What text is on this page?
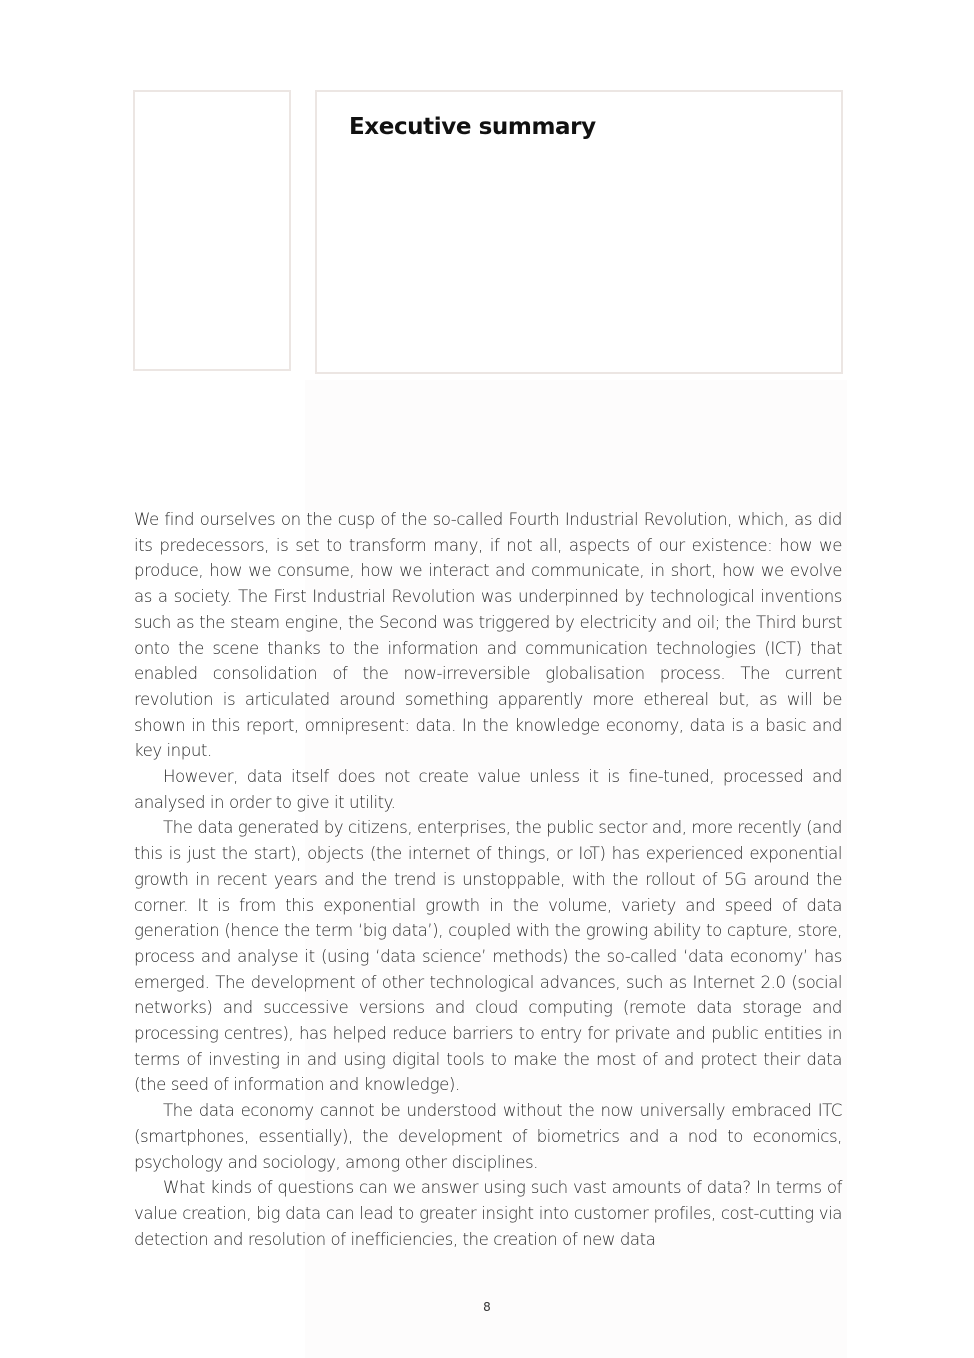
Executive summary

We find ourselves on the cusp of the so-called Fourth Industrial Revolution, which, as did its predecessors, is set to transform many, if not all, aspects of our existence: how we produce, how we consume, how we interact and communicate, in short, how we evolve as a society. The First Industrial Revolution was underpinned by technological inventions such as the steam engine, the Second was triggered by electricity and oil; the Third burst onto the scene thanks to the information and communication technologies (ICT) that enabled consolidation of the now-irreversible globalisation process. The current revolution is articulated around something apparently more ethereal but, as will be shown in this report, omnipresent: data. In the knowledge economy, data is a basic and key input.

However, data itself does not create value unless it is fine-tuned, processed and analysed in order to give it utility.

The data generated by citizens, enterprises, the public sector and, more recently (and this is just the start), objects (the internet of things, or IoT) has experienced exponential growth in recent years and the trend is unstoppable, with the rollout of 5G around the corner. It is from this exponential growth in the volume, variety and speed of data generation (hence the term ‘big data’), coupled with the growing ability to capture, store, process and analyse it (using ‘data science’ methods) the so-called ‘data economy’ has emerged. The development of other technological advances, such as Internet 2.0 (social networks) and successive versions and cloud computing (remote data storage and processing centres), has helped reduce barriers to entry for private and public entities in terms of investing in and using digital tools to make the most of and protect their data (the seed of information and knowledge).

The data economy cannot be understood without the now universally embraced ITC (smartphones, essentially), the development of biometrics and a nod to economics, psychology and sociology, among other disciplines.

What kinds of questions can we answer using such vast amounts of data? In terms of value creation, big data can lead to greater insight into customer profiles, cost-cutting via detection and resolution of inefficiencies, the creation of new data

8
